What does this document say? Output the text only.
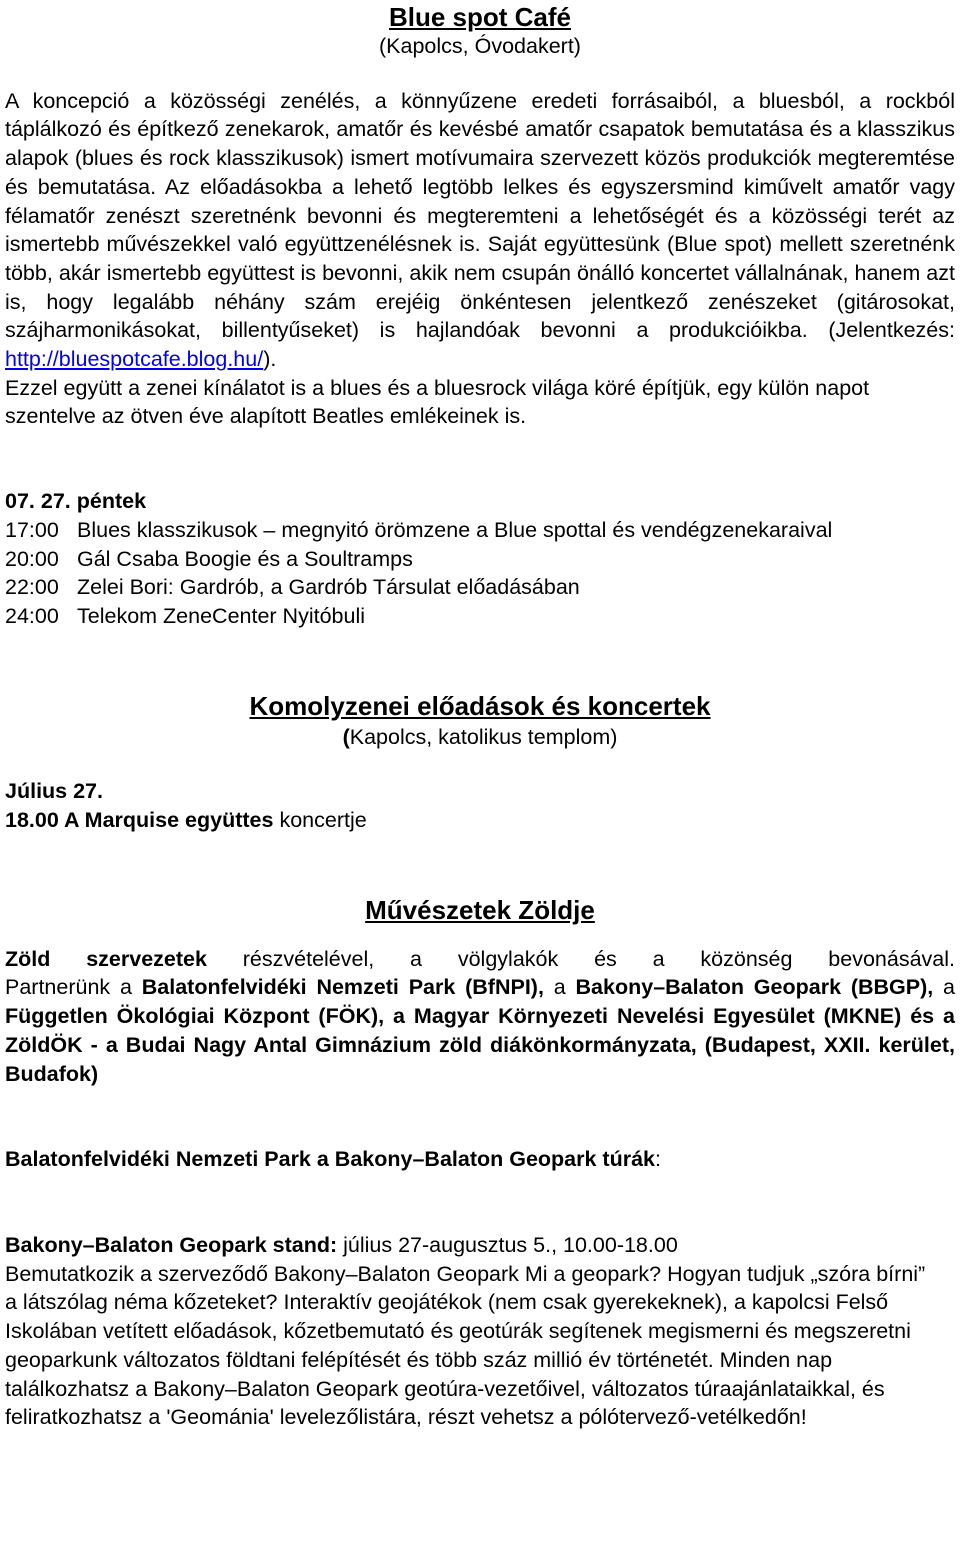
Blue spot Café
(Kapolcs, Óvodakert)

A koncepció a közösségi zenélés, a könnyűzene eredeti forrásaiból, a bluesból, a rockból táplálkozó és építkező zenekarok, amatőr és kevésbé amatőr csapatok bemutatása és a klasszikus alapok (blues és rock klasszikusok) ismert motívumaira szervezett közös produkciók megteremtése és bemutatása. Az előadásokba a lehető legtöbb lelkes és egyszersmind kiművelt amatőr vagy félamatőr zenészt szeretnénk bevonni és megteremteni a lehetőségét és a közösségi terét az ismertebb művészekkel való együttzenélésnek is. Saját együttesünk (Blue spot) mellett szeretnénk több, akár ismertebb együttest is bevonni, akik nem csupán önálló koncertet vállalnának, hanem azt is, hogy legalább néhány szám erejéig önkéntesen jelentkező zenészeket (gitárosokat, szájharmonikásokat, billentyűseket) is hajlandóak bevonni a produkcióikba. (Jelentkezés: http://bluespotcafe.blog.hu/).

Ezzel együtt a zenei kínálatot is a blues és a bluesrock világa köré építjük, egy külön napot szentelve az ötven éve alapított Beatles emlékeinek is.

07. 27. péntek
17:00 Blues klasszikusok – megnyitó örömzene a Blue spottal és vendégzenekaraival
20:00 Gál Csaba Boogie és a Soultramps
22:00 Zelei Bori: Gardrób, a Gardrób Társulat előadásában
24:00 Telekom ZeneCenter Nyitóbuli
Komolyzenei előadások és koncertek
(Kapolcs, katolikus templom)
Július 27.
18.00 A Marquise együttes koncertje
Művészetek Zöldje

Zöld szervezetek részvételével, a völgylakók és a közönség bevonásával.

Partnerünk a Balatonfelvidéki Nemzeti Park (BfNPI), a Bakony–Balaton Geopark (BBGP), a Független Ökológiai Központ (FÖK), a Magyar Környezeti Nevelési Egyesület (MKNE) és a ZöldÖK - a Budai Nagy Antal Gimnázium zöld diákönkormányzata, (Budapest, XXII. kerület, Budafok)

Balatonfelvidéki Nemzeti Park a Bakony–Balaton Geopark túrák:
Bakony–Balaton Geopark stand: július 27-augusztus 5., 10.00-18.00

Bemutatkozik a szerveződő Bakony–Balaton Geopark Mi a geopark? Hogyan tudjuk „szóra bírni” a látszólag néma kőzeteket? Interaktív geojátékok (nem csak gyerekeknek), a kapolcsi Felső Iskolában vetített előadások, kőzetbemutató és geotúrák segítenek megismerni és megszeretni geoparkunk változatos földtani felépítését és több száz millió év történetét. Minden nap találkozhatsz a Bakony–Balaton Geopark geotúra-vezetőivel, változatos túraajánlataikkal, és feliratkozhatsz a 'Geománia' levelezőlistára, részt vehetsz a pólótervező-vetélkedőn!
